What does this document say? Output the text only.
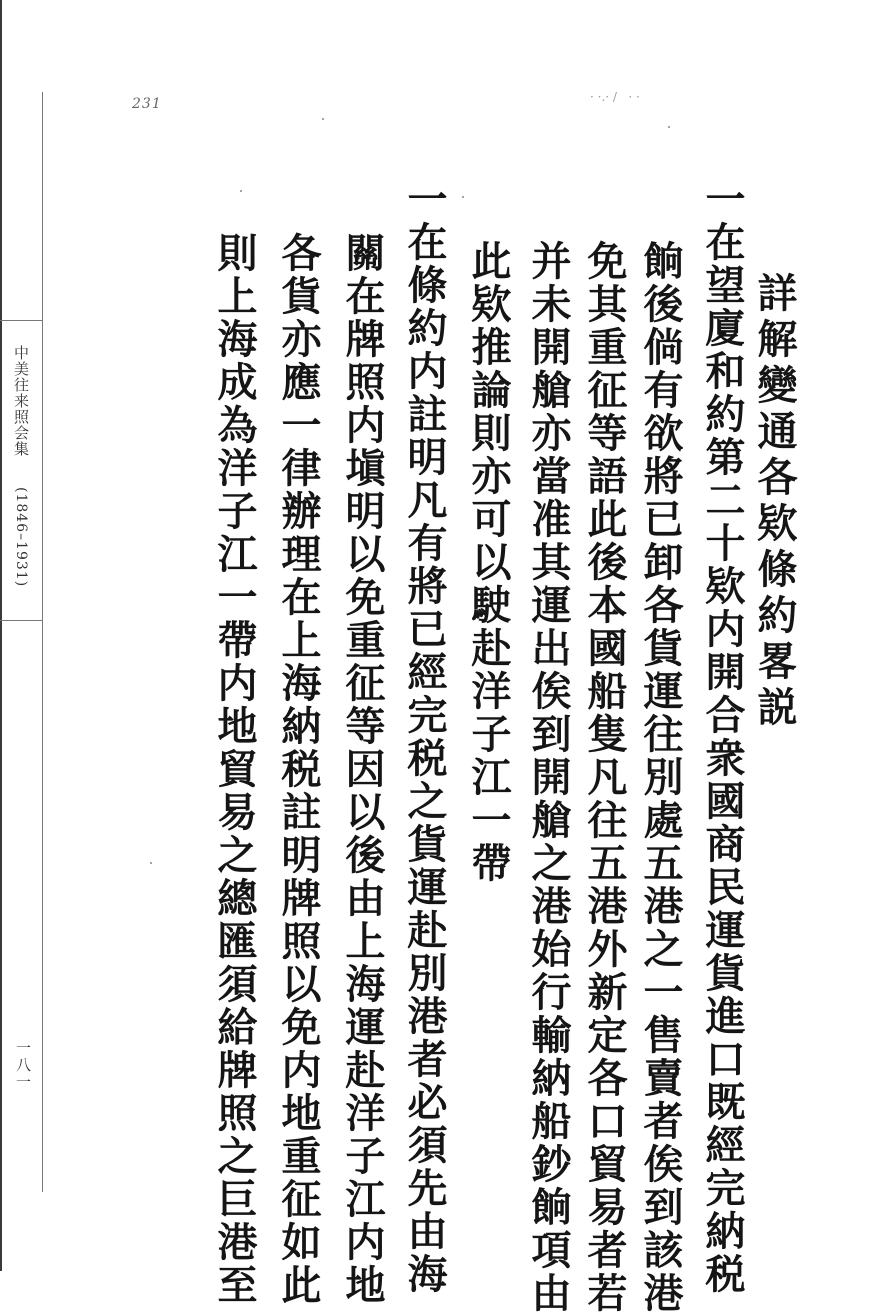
中美往来照会集
(1846–1931)
一八一
231	· ·.· /   · ·
詳解變通各欵條約畧説
一在望廈和約第二十欵内開合衆國商民運貨進口既經完納税
餉後倘有欲將已卸各貨運往別處五港之一售賣者俟到該港
免其重征等語此後本國船隻凡往五港外新定各口貿易者若
并未開艙亦當准其運出俟到開艙之港始行輸納船鈔餉項由
此欵推論則亦可以駛赴洋子江一帶
一在條約内註明凡有將已經完税之貨運赴別港者必須先由海
關在牌照内塡明以免重征等因以後由上海運赴洋子江内地
各貨亦應一律辦理在上海納税註明牌照以免内地重征如此
則上海成為洋子江一帶内地貿易之總匯須給牌照之巨港至
